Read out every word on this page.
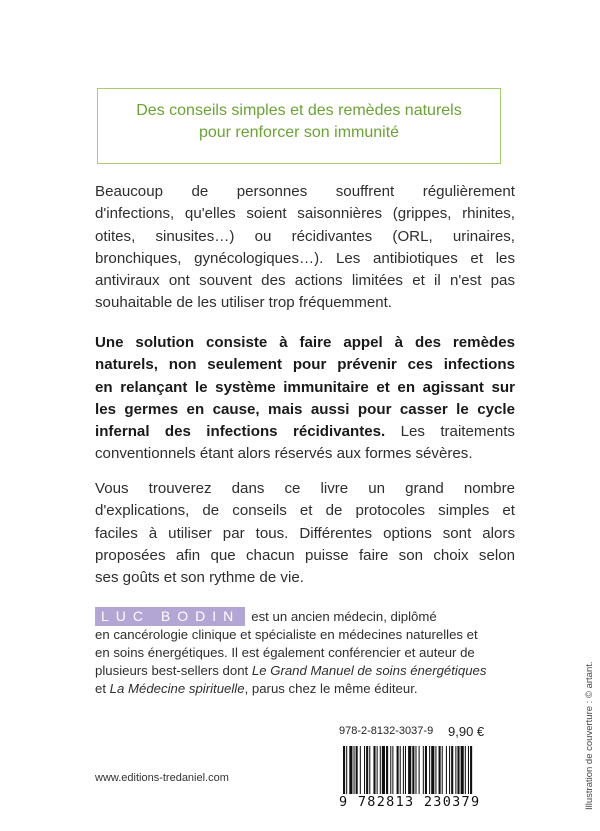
Des conseils simples et des remèdes naturels
pour renforcer son immunité
Beaucoup de personnes souffrent régulièrement
d'infections, qu'elles soient saisonnières (grippes, rhinites,
otites, sinusites…) ou récidivantes (ORL, urinaires,
bronchiques, gynécologiques…). Les antibiotiques et les
antiviraux ont souvent des actions limitées et il n'est pas
souhaitable de les utiliser trop fréquemment.
Une solution consiste à faire appel à des remèdes
naturels, non seulement pour prévenir ces infections
en relançant le système immunitaire et en agissant sur
les germes en cause, mais aussi pour casser le cycle
infernal des infections récidivantes. Les traitements
conventionnels étant alors réservés aux formes sévères.
Vous trouverez dans ce livre un grand nombre
d'explications, de conseils et de protocoles simples et
faciles à utiliser par tous. Différentes options sont alors
proposées afin que chacun puisse faire son choix selon
ses goûts et son rythme de vie.
LUC BODIN est un ancien médecin, diplômé
en cancérologie clinique et spécialiste en médecines naturelles et
en soins énergétiques. Il est également conférencier et auteur de
plusieurs best-sellers dont Le Grand Manuel de soins énergétiques
et La Médecine spirituelle, parus chez le même éditeur.
978-2-8132-3037-9	9,90 €
9 782813 230379
www.editions-tredaniel.com	Illustration de couverture : © artant.
